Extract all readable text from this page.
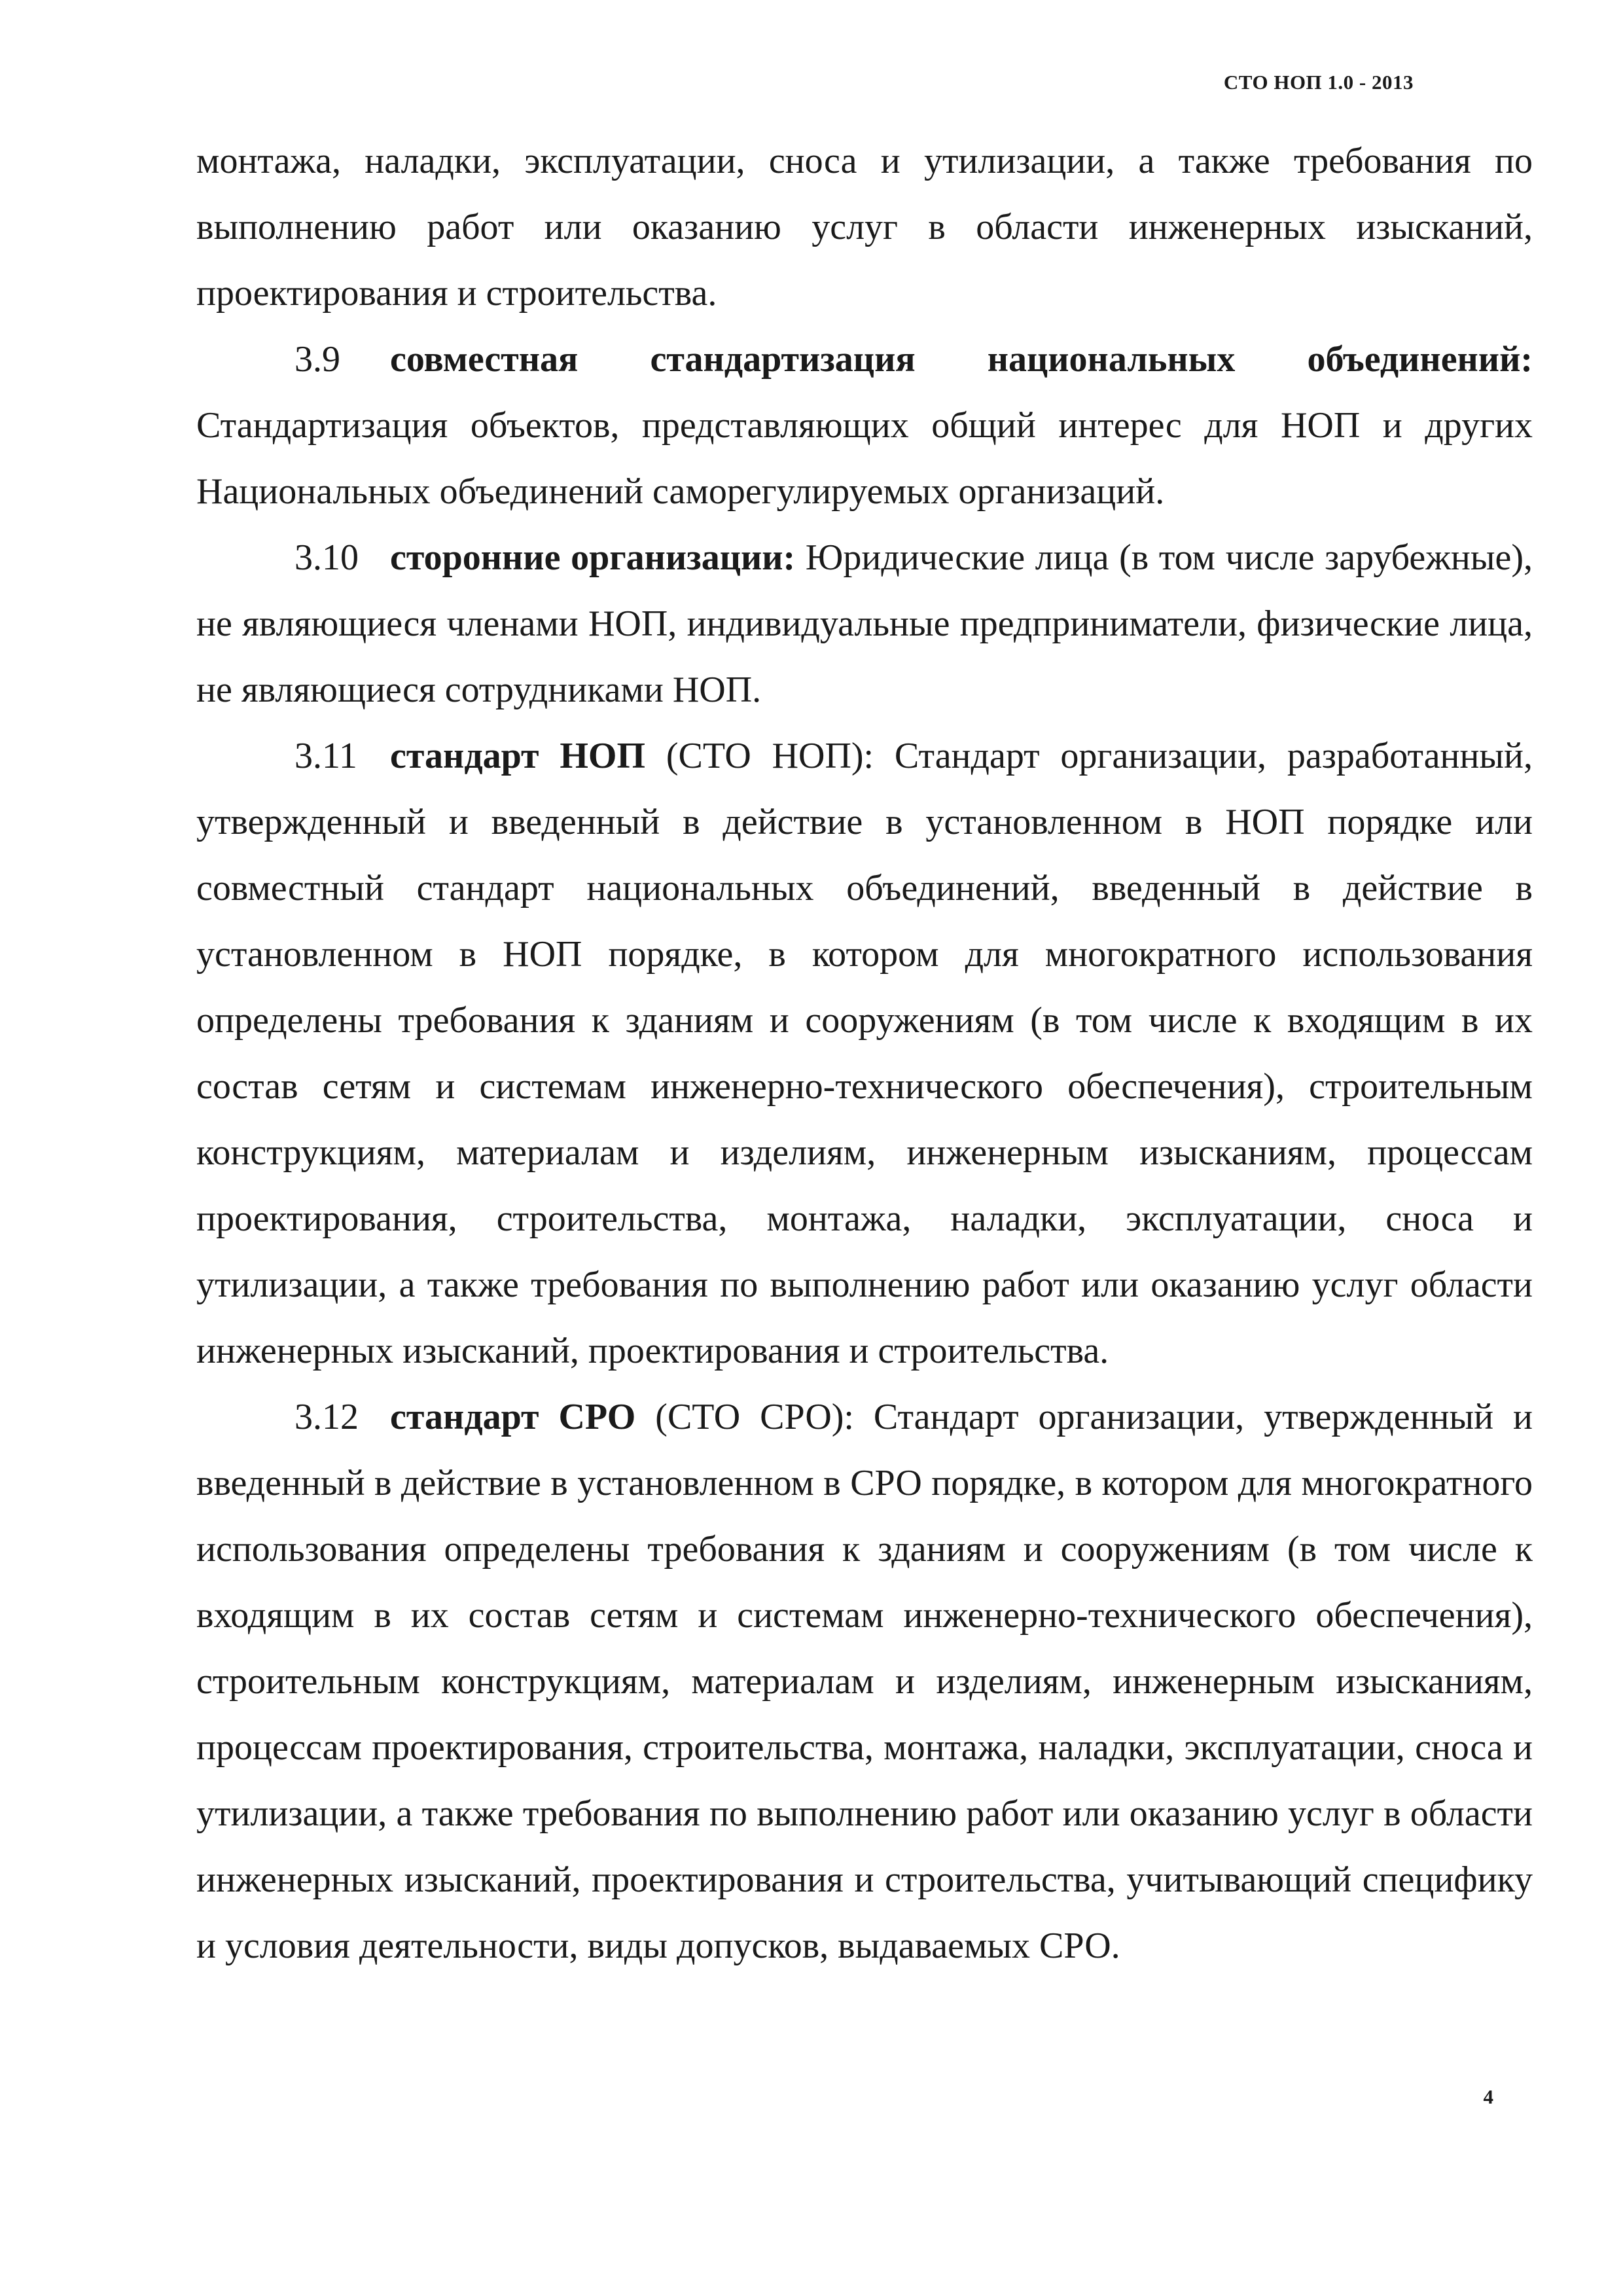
СТО НОП 1.0 - 2013

монтажа, наладки, эксплуатации, сноса и утилизации, а также требования по выполнению работ или оказанию услуг в области инженерных изысканий, проектирования и строительства.

3.9 совместная стандартизация национальных объединений: Стандартизация объектов, представляющих общий интерес для НОП и других Национальных объединений саморегулируемых организаций.

3.10 сторонние организации: Юридические лица (в том числе зарубежные), не являющиеся членами НОП, индивидуальные предприниматели, физические лица, не являющиеся сотрудниками НОП.

3.11 стандарт НОП (СТО НОП): Стандарт организации, разработанный, утвержденный и введенный в действие в установленном в НОП порядке или совместный стандарт национальных объединений, введенный в действие в установленном в НОП порядке, в котором для многократного использования определены требования к зданиям и сооружениям (в том числе к входящим в их состав сетям и системам инженерно-технического обеспечения), строительным конструкциям, материалам и изделиям, инженерным изысканиям, процессам проектирования, строительства, монтажа, наладки, эксплуатации, сноса и утилизации, а также требования по выполнению работ или оказанию услуг области инженерных изысканий, проектирования и строительства.

3.12 стандарт СРО (СТО СРО): Стандарт организации, утвержденный и введенный в действие в установленном в СРО порядке, в котором для многократного использования определены требования к зданиям и сооружениям (в том числе к входящим в их состав сетям и системам инженерно-технического обеспечения), строительным конструкциям, материалам и изделиям, инженерным изысканиям, процессам проектирования, строительства, монтажа, наладки, эксплуатации, сноса и утилизации, а также требования по выполнению работ или оказанию услуг в области инженерных изысканий, проектирования и строительства, учитывающий специфику и условия деятельности, виды допусков, выдаваемых СРО.

4
